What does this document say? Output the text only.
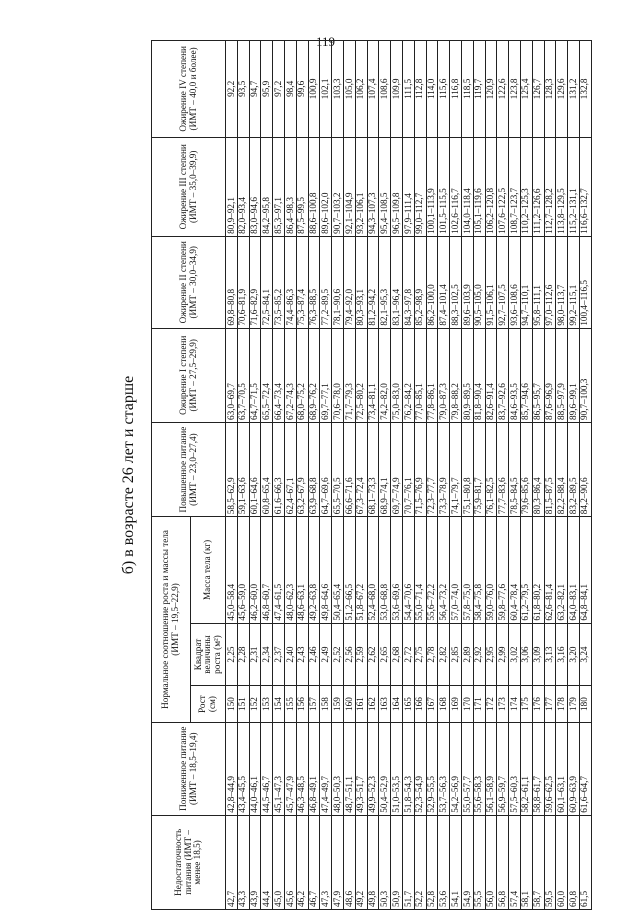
119
б) в возрасте 26 лет и старше
Недостаточность питания (ИМТ – менее 18,5)	Пониженное питание (ИМТ – 18,5–19,4)	Нормальное соотношение роста и массы тела (ИМТ – 19,5–22,9)			Повышенное питание (ИМТ – 23,0–27,4)	Ожирение I степени (ИМТ – 27,5–29,9)	Ожирение II степени (ИМТ – 30,0–34,9)	Ожирение III степени (ИМТ – 35,0–39,9)	Ожирение IV степени (ИМТ – 40,0 и более)
		Рост (см)	Квадрат величины роста (м²)	Масса тела (кг)					
42,7	42,8–44,9	150	2,25	45,0–58,4	58,5–62,9	63,0–69,7	69,8–80,8	80,9–92,1	92,2
43,3	43,4–45,5	151	2,28	45,6–59,0	59,1–63,6	63,7–70,5	70,6–81,9	82,0–93,4	93,5
43,9	44,0–46,1	152	2,31	46,2–60,0	60,1–64,6	64,7–71,5	71,6–82,9	83,0–94,6	94,7
44,4	44,5–46,7	153	2,34	46,8–60,7	60,8–65,4	65,5–72,4	72,5–84,1	84,2–95,8	95,9
45,0	45,1–47,3	154	2,37	47,4–61,5	61,6–66,3	66,4–73,4	73,5–85,2	85,3–97,1	97,2
45,6	45,7–47,9	155	2,40	48,0–62,3	62,4–67,1	67,2–74,3	74,4–86,3	86,4–98,3	98,4
46,2	46,3–48,5	156	2,43	48,6–63,1	63,2–67,9	68,0–75,2	75,3–87,4	87,5–99,5	99,6
46,7	46,8–49,1	157	2,46	49,2–63,8	63,9–68,8	68,9–76,2	76,3–88,5	88,6–100,8	100,9
47,3	47,4–49,7	158	2,49	49,8–64,6	64,7–69,6	69,7–77,1	77,2–89,5	89,6–102,0	102,1
47,9	48,0–50,3	159	2,52	50,4–65,4	65,5–70,5	70,6–78,0	78,1–90,6	90,7–103,2	103,3
48,6	48,7–51,1	160	2,56	51,2–66,5	66,6–71,6	71,7–79,3	79,4–92,0	92,1–104,9	105,0
49,2	49,3–51,7	161	2,59	51,8–67,2	67,3–72,4	72,5–80,2	80,3–93,1	93,2–106,1	106,2
49,8	49,9–52,3	162	2,62	52,4–68,0	68,1–73,3	73,4–81,1	81,2–94,2	94,3–107,3	107,4
50,3	50,4–52,9	163	2,65	53,0–68,8	68,9–74,1	74,2–82,0	82,1–95,3	95,4–108,5	108,6
50,9	51,0–53,5	164	2,68	53,6–69,6	69,7–74,9	75,0–83,0	83,1–96,4	96,5–109,8	109,9
51,7	51,8–54,3	165	2,72	54,4–70,6	70,7–76,1	76,2–84,2	84,3–97,8	97,9–111,4	111,5
52,2	52,3–54,9	166	2,75	55,0–71,4	71,5–76,9	77,0–85,1	85,2–98,9	99,0–112,7	112,8
52,8	52,9–55,5	167	2,78	55,6–72,2	72,3–77,7	77,8–86,1	86,2–100,0	100,1–113,9	114,0
53,6	53,7–56,3	168	2,82	56,4–73,2	73,3–78,9	79,0–87,3	87,4–101,4	101,5–115,5	115,6
54,1	54,2–56,9	169	2,85	57,0–74,0	74,1–79,7	79,8–88,2	88,3–102,5	102,6–116,7	116,8
54,9	55,0–57,7	170	2,89	57,8–75,0	75,1–80,8	80,9–89,5	89,6–103,9	104,0–118,4	118,5
55,5	55,6–58,3	171	2,92	58,4–75,8	75,9–81,7	81,8–90,4	90,5–105,0	105,1–119,6	119,7
56,0	56,1–58,9	172	2,95	59,0–76,0	76,1–82,5	82,6–91,4	91,5–106,1	106,2–120,8	120,9
56,8	56,9–59,7	173	2,99	59,8–77,6	77,7–83,6	83,7–92,6	92,7–107,5	107,6–122,5	122,6
57,4	57,5–60,3	174	3,02	60,4–78,4	78,5–84,5	84,6–93,5	93,6–108,6	108,7–123,7	123,8
58,1	58,2–61,1	175	3,06	61,2–79,5	79,6–85,6	85,7–94,6	94,7–110,1	110,2–125,3	125,4
58,7	58,8–61,7	176	3,09	61,8–80,2	80,3–86,4	86,5–95,7	95,8–111,1	111,2–126,6	126,7
59,5	59,6–62,5	177	3,13	62,6–81,4	81,5–87,5	87,6–96,9	97,0–112,6	112,7–128,2	128,3
60,0	60,1–63,1	178	3,16	63,2–82,1	82,2–88,4	88,5–97,9	98,0–113,7	113,8–129,5	129,6
60,8	60,9–63,9	179	3,20	64,0–83,1	83,2–89,5	89,6–99,1	99,2–115,1	115,2–131,1	131,2
61,5	61,6–64,7	180	3,24	64,8–84,1	84,2–90,6	90,7–100,3	100,4–116,5	116,6–132,7	132,8
